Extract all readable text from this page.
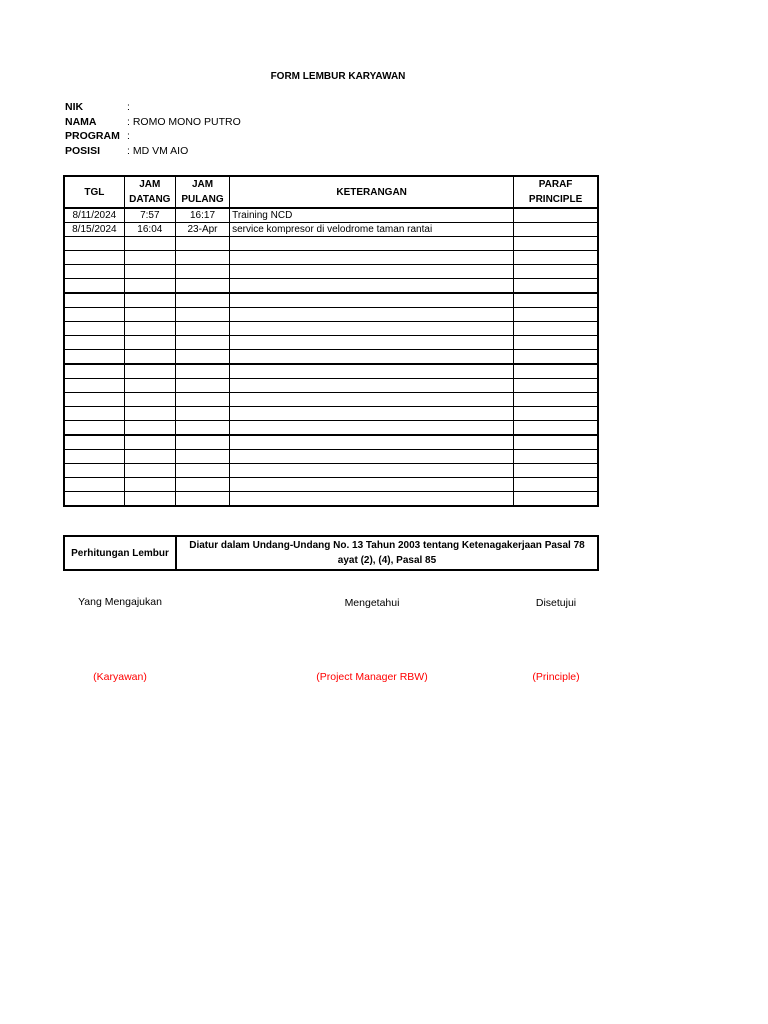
FORM LEMBUR KARYAWAN
NIK	:
NAMA	: ROMO MONO PUTRO
PROGRAM :
POSISI	: MD VM AIO
TGL	JAM DATANG	JAM PULANG	KETERANGAN	PARAF PRINCIPLE
8/11/2024	7:57	16:17	Training NCD	
8/15/2024	16:04	23-Apr	service kompresor di velodrome taman rantai	

Perhitungan Lembur	Diatur dalam Undang-Undang No. 13 Tahun 2003 tentang Ketenagakerjaan Pasal 78 ayat (2), (4), Pasal 85
Yang Mengajukan	Mengetahui	Disetujui
(Karyawan)	(Project Manager RBW)	(Principle)
